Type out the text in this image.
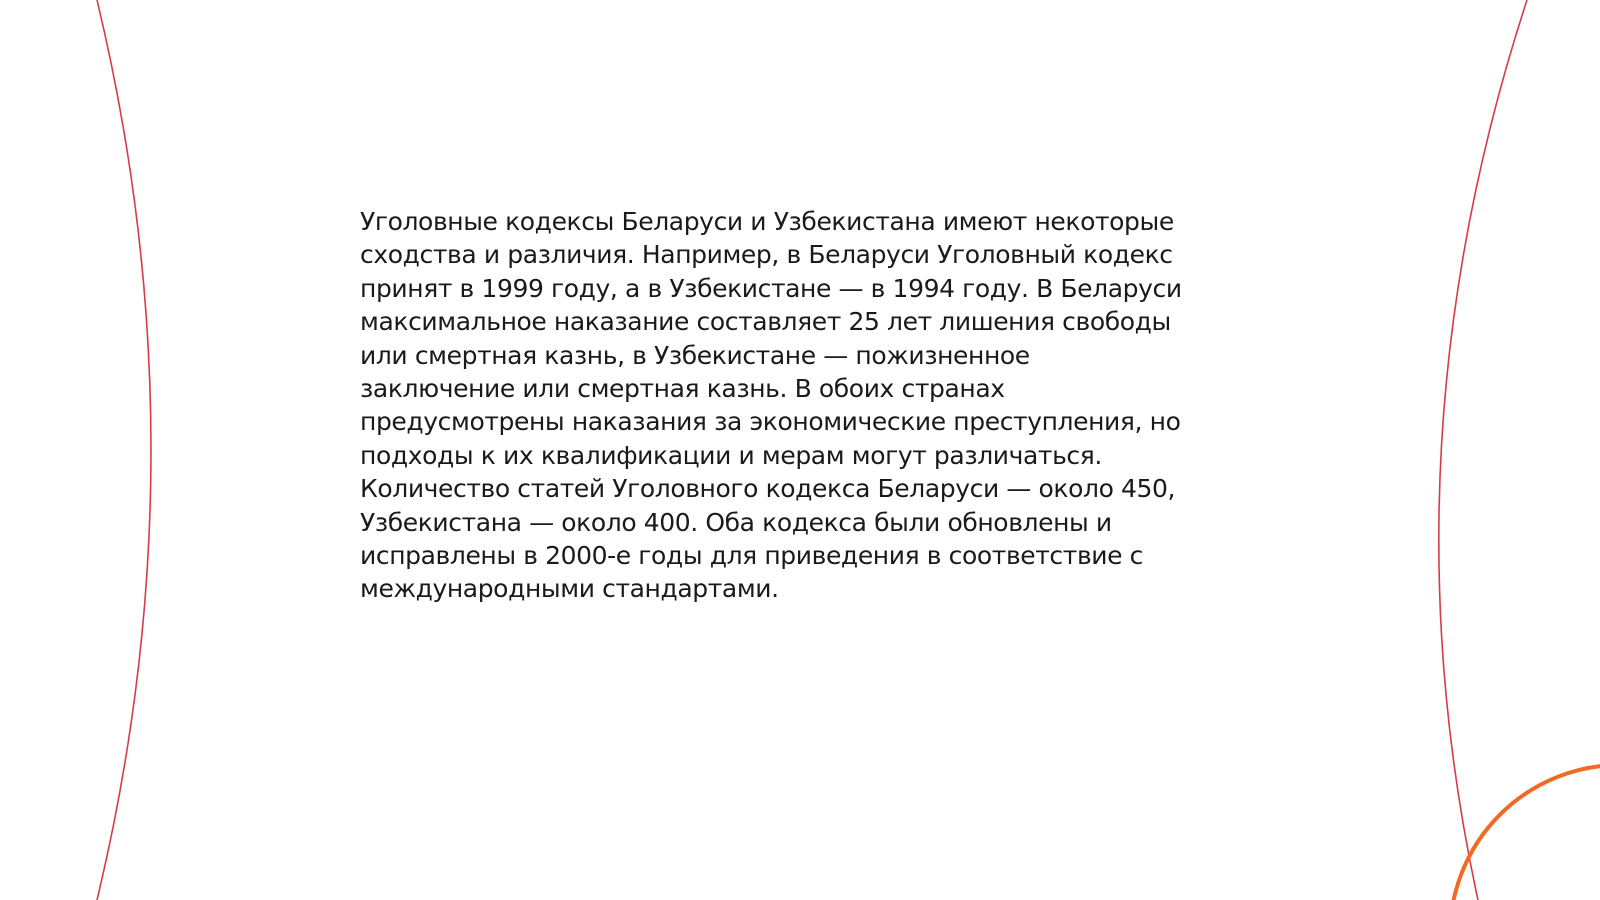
Уголовные кодексы Беларуси и Узбекистана имеют некоторые
сходства и различия. Например, в Беларуси Уголовный кодекс
принят в 1999 году, а в Узбекистане — в 1994 году. В Беларуси
максимальное наказание составляет 25 лет лишения свободы
или смертная казнь, в Узбекистане — пожизненное
заключение или смертная казнь. В обоих странах
предусмотрены наказания за экономические преступления, но
подходы к их квалификации и мерам могут различаться.
Количество статей Уголовного кодекса Беларуси — около 450,
Узбекистана — около 400. Оба кодекса были обновлены и
исправлены в 2000-е годы для приведения в соответствие с
международными стандартами.
